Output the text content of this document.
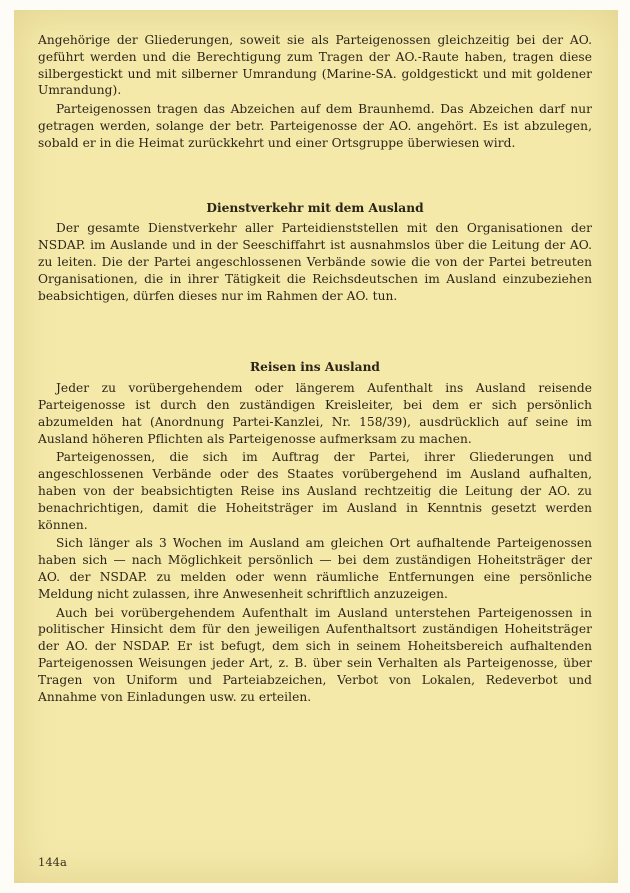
Angehörige der Gliederungen, soweit sie als Parteigenossen gleichzeitig bei der AO. geführt werden und die Berechtigung zum Tragen der AO.-Raute haben, tragen diese silbergestickt und mit silberner Umrandung (Marine-SA. goldgestickt und mit goldener Umrandung).

Parteigenossen tragen das Abzeichen auf dem Braunhemd. Das Abzeichen darf nur getragen werden, solange der betr. Parteigenosse der AO. angehört. Es ist abzulegen, sobald er in die Heimat zurückkehrt und einer Ortsgruppe überwiesen wird.

Dienstverkehr mit dem Ausland

Der gesamte Dienstverkehr aller Parteidienststellen mit den Organisationen der NSDAP. im Auslande und in der Seeschiffahrt ist ausnahmslos über die Leitung der AO. zu leiten. Die der Partei angeschlossenen Verbände sowie die von der Partei betreuten Organisationen, die in ihrer Tätigkeit die Reichsdeutschen im Ausland einzubeziehen beabsichtigen, dürfen dieses nur im Rahmen der AO. tun.

Reisen ins Ausland

Jeder zu vorübergehendem oder längerem Aufenthalt ins Ausland reisende Parteigenosse ist durch den zuständigen Kreisleiter, bei dem er sich persönlich abzumelden hat (Anordnung Partei-Kanzlei, Nr. 158/39), ausdrücklich auf seine im Ausland höheren Pflichten als Parteigenosse aufmerksam zu machen.

Parteigenossen, die sich im Auftrag der Partei, ihrer Gliederungen und angeschlossenen Verbände oder des Staates vorübergehend im Ausland aufhalten, haben von der beabsichtigten Reise ins Ausland rechtzeitig die Leitung der AO. zu benachrichtigen, damit die Hoheitsträger im Ausland in Kenntnis gesetzt werden können.

Sich länger als 3 Wochen im Ausland am gleichen Ort aufhaltende Parteigenossen haben sich — nach Möglichkeit persönlich — bei dem zuständigen Hoheitsträger der AO. der NSDAP. zu melden oder wenn räumliche Entfernungen eine persönliche Meldung nicht zulassen, ihre Anwesenheit schriftlich anzuzeigen.

Auch bei vorübergehendem Aufenthalt im Ausland unterstehen Parteigenossen in politischer Hinsicht dem für den jeweiligen Aufenthaltsort zuständigen Hoheitsträger der AO. der NSDAP. Er ist befugt, dem sich in seinem Hoheitsbereich aufhaltenden Parteigenossen Weisungen jeder Art, z. B. über sein Verhalten als Parteigenosse, über Tragen von Uniform und Parteiabzeichen, Verbot von Lokalen, Redeverbot und Annahme von Einladungen usw. zu erteilen.

144a
